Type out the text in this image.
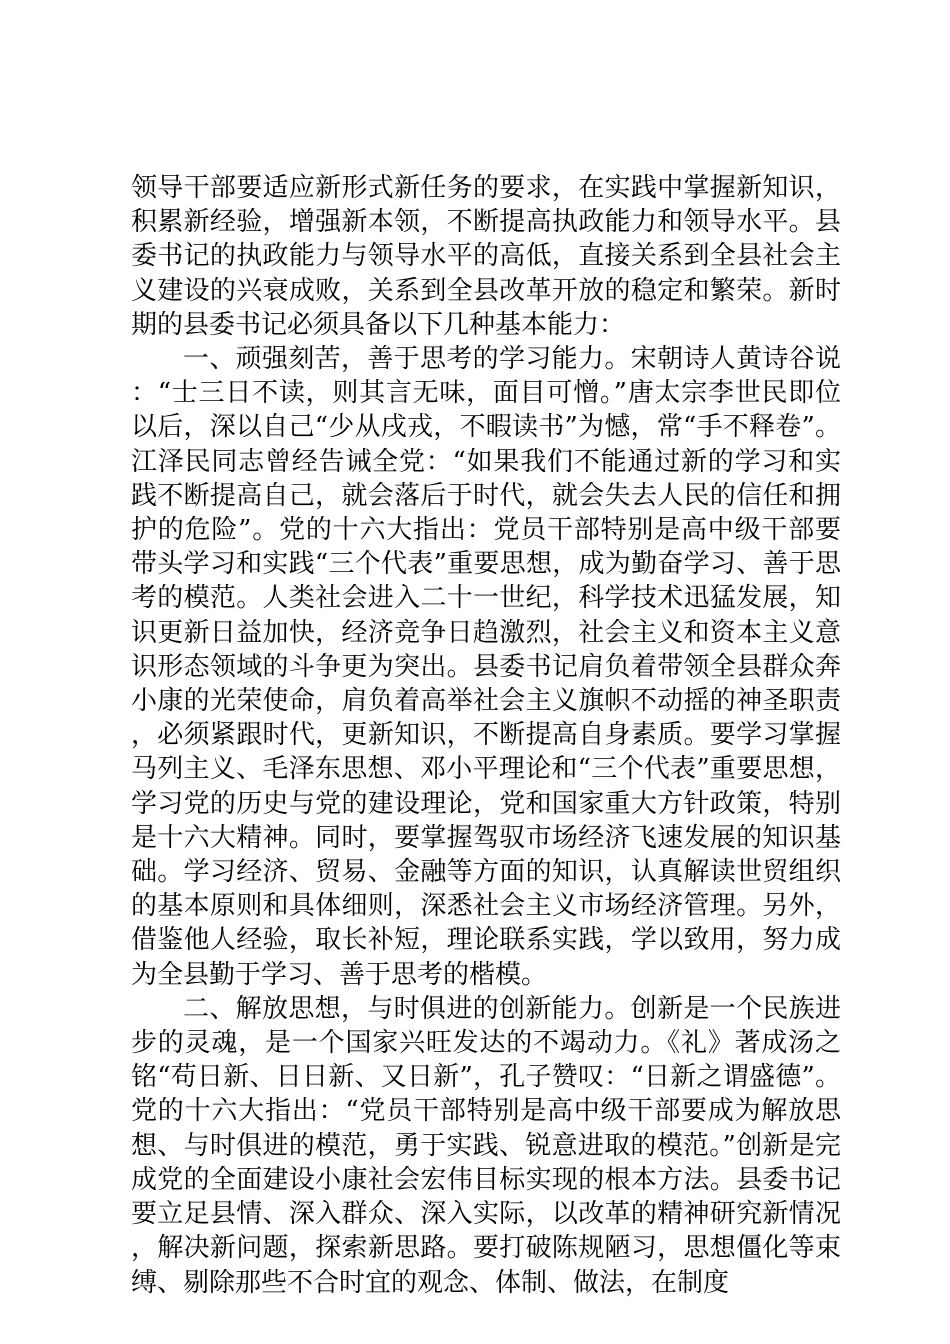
领导干部要适应新形式新任务的要求，在实践中掌握新知识，积累新经验，增强新本领，不断提高执政能力和领导水平。县委书记的执政能力与领导水平的高低，直接关系到全县社会主义建设的兴衰成败，关系到全县改革开放的稳定和繁荣。新时期的县委书记必须具备以下几种基本能力：

一、顽强刻苦，善于思考的学习能力。宋朝诗人黄诗谷说：“士三日不读，则其言无味，面目可憎。”唐太宗李世民即位以后，深以自己“少从戌戎，不暇读书”为憾，常“手不释卷”。江泽民同志曾经告诫全党：“如果我们不能通过新的学习和实践不断提高自己，就会落后于时代，就会失去人民的信任和拥护的危险”。党的十六大指出：党员干部特别是高中级干部要带头学习和实践“三个代表”重要思想，成为勤奋学习、善于思考的模范。人类社会进入二十一世纪，科学技术迅猛发展，知识更新日益加快，经济竞争日趋激烈，社会主义和资本主义意识形态领域的斗争更为突出。县委书记肩负着带领全县群众奔小康的光荣使命，肩负着高举社会主义旗帜不动摇的神圣职责，必须紧跟时代，更新知识，不断提高自身素质。要学习掌握马列主义、毛泽东思想、邓小平理论和“三个代表”重要思想，学习党的历史与党的建设理论，党和国家重大方针政策，特别是十六大精神。同时，要掌握驾驭市场经济飞速发展的知识基础。学习经济、贸易、金融等方面的知识，认真解读世贸组织的基本原则和具体细则，深悉社会主义市场经济管理。另外，借鉴他人经验，取长补短，理论联系实践，学以致用，努力成为全县勤于学习、善于思考的楷模。

二、解放思想，与时俱进的创新能力。创新是一个民族进步的灵魂，是一个国家兴旺发达的不竭动力。《礼》著成汤之铭“苟日新、日日新、又日新”，孔子赞叹：“日新之谓盛德”。党的十六大指出：“党员干部特别是高中级干部要成为解放思想、与时俱进的模范，勇于实践、锐意进取的模范。”创新是完成党的全面建设小康社会宏伟目标实现的根本方法。县委书记要立足县情、深入群众、深入实际，以改革的精神研究新情况，解决新问题，探索新思路。要打破陈规陋习，思想僵化等束缚、剔除那些不合时宜的观念、体制、做法，在制度
